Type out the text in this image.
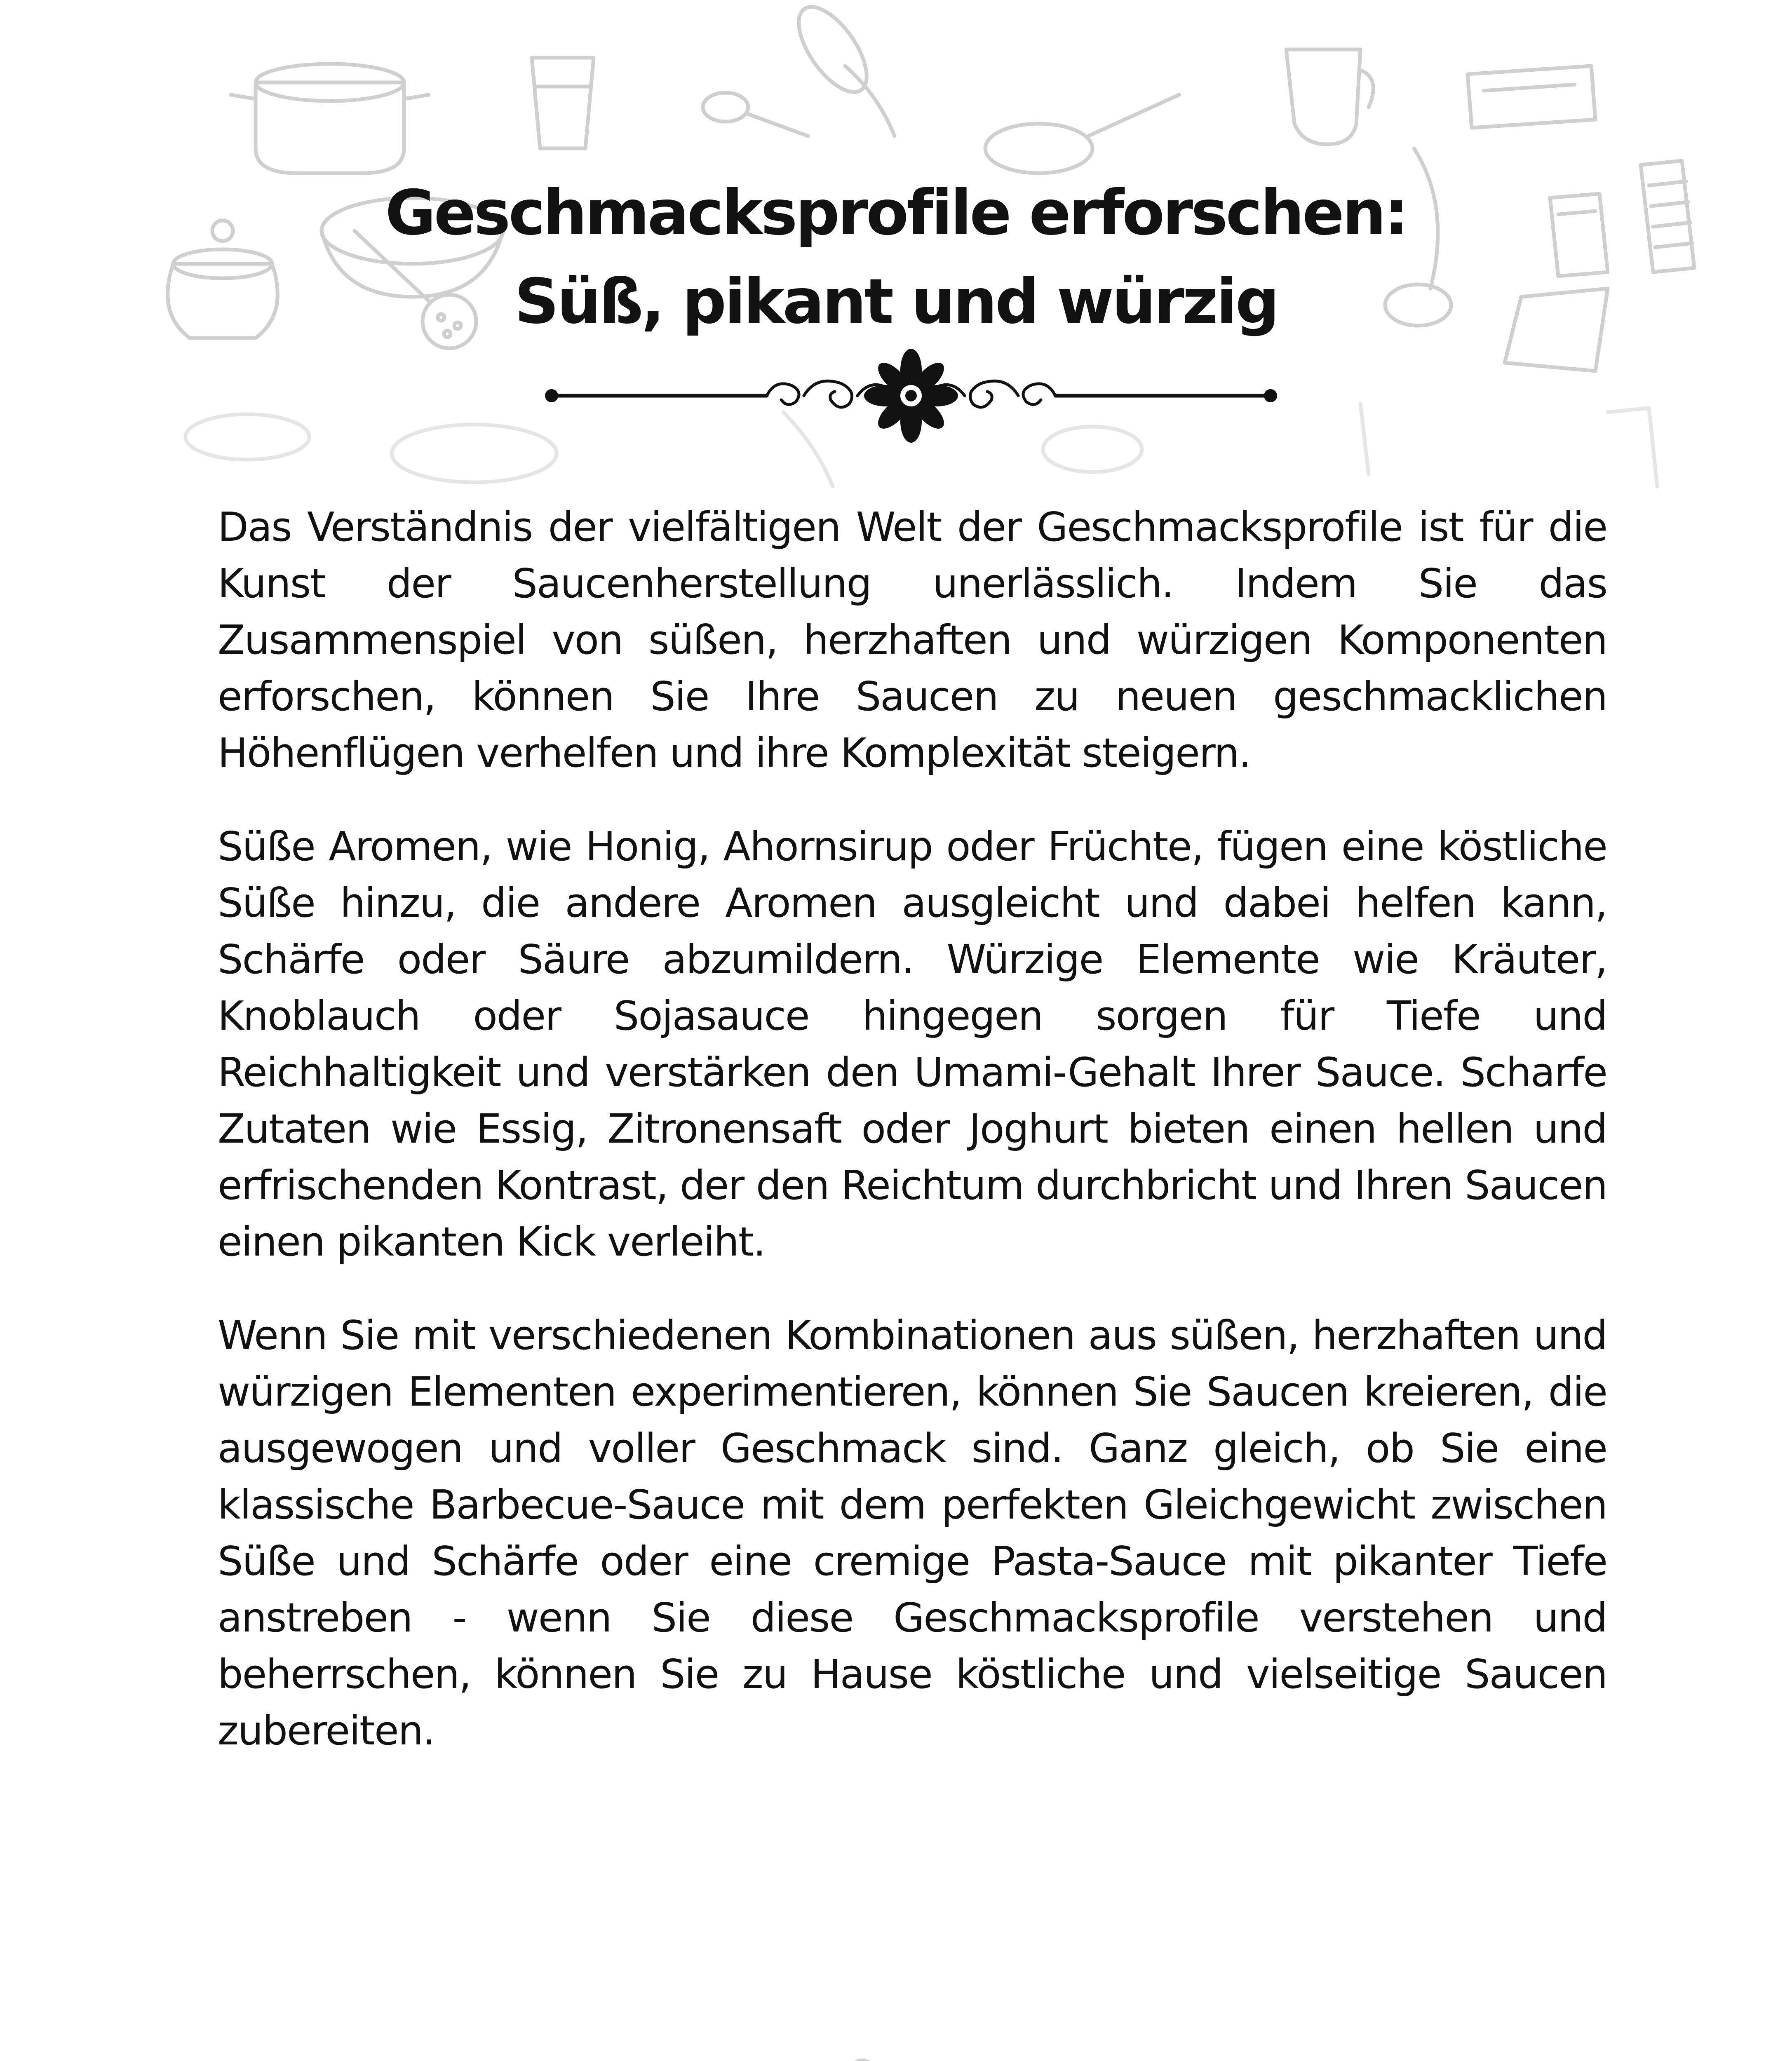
Geschmacksprofile erforschen:
Süß, pikant und würzig

Das Verständnis der vielfältigen Welt der Geschmacksprofile ist für die Kunst der Saucenherstellung unerlässlich. Indem Sie das Zusammenspiel von süßen, herzhaften und würzigen Komponenten erforschen, können Sie Ihre Saucen zu neuen geschmacklichen Höhenflügen verhelfen und ihre Komplexität steigern.

Süße Aromen, wie Honig, Ahornsirup oder Früchte, fügen eine köstliche Süße hinzu, die andere Aromen ausgleicht und dabei helfen kann, Schärfe oder Säure abzumildern. Würzige Elemente wie Kräuter, Knoblauch oder Sojasauce hingegen sorgen für Tiefe und Reichhaltigkeit und verstärken den Umami-Gehalt Ihrer Sauce. Scharfe Zutaten wie Essig, Zitronensaft oder Joghurt bieten einen hellen und erfrischenden Kontrast, der den Reichtum durchbricht und Ihren Saucen einen pikanten Kick verleiht.

Wenn Sie mit verschiedenen Kombinationen aus süßen, herzhaften und würzigen Elementen experimentieren, können Sie Saucen kreieren, die ausgewogen und voller Geschmack sind. Ganz gleich, ob Sie eine klassische Barbecue-Sauce mit dem perfekten Gleichgewicht zwischen Süße und Schärfe oder eine cremige Pasta-Sauce mit pikanter Tiefe anstreben - wenn Sie diese Geschmacksprofile verstehen und beherrschen, können Sie zu Hause köstliche und vielseitige Saucen zubereiten.
